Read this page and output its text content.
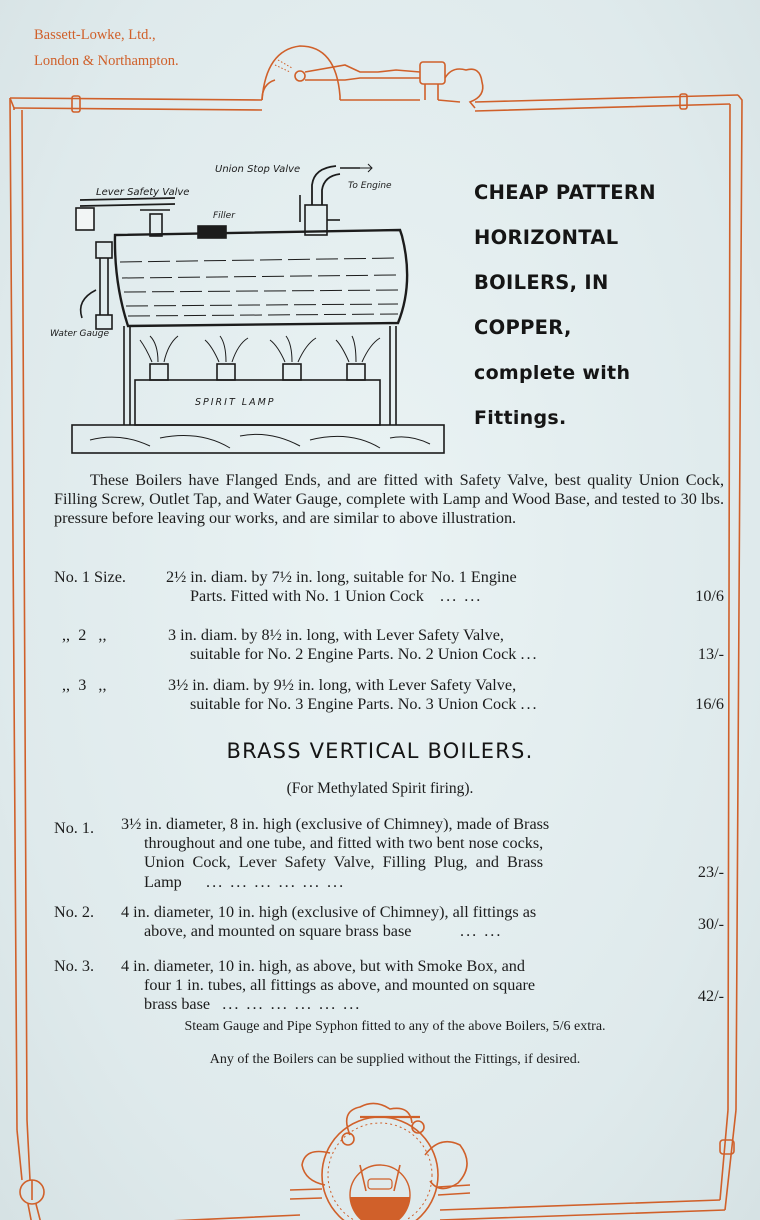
Bassett-Lowke, Ltd.,
London & Northampton.
Union Stop Valve
To Engine
Lever Safety Valve
Filler
Water Gauge
SPIRIT LAMP
CHEAP PATTERN
HORIZONTAL
BOILERS, IN
COPPER,
complete with
Fittings.
These Boilers have Flanged Ends, and are fitted with Safety Valve, best quality Union Cock, Filling Screw, Outlet Tap, and Water Gauge, complete with Lamp and Wood Base, and tested to 30 lbs. pressure before leaving our works, and are similar to above illustration.
No. 1 Size. 2½ in. diam. by 7½ in. long, suitable for No. 1 Engine
Parts. Fitted with No. 1 Union Cock ... ...	10/6
,,  2   ,,	3 in. diam. by 8½ in. long, with Lever Safety Valve,
suitable for No. 2 Engine Parts. No. 2 Union Cock ...	13/-
,,  3   ,,	3½ in. diam. by 9½ in. long, with Lever Safety Valve,
suitable for No. 3 Engine Parts. No. 3 Union Cock ...	16/6
BRASS VERTICAL BOILERS.
(For Methylated Spirit firing).
No. 1. 3½ in. diameter, 8 in. high (exclusive of Chimney), made of Brass
throughout and one tube, and fitted with two bent nose cocks,
Union Cock, Lever Safety Valve, Filling Plug, and Brass
Lamp ... ... ... ... ... ...
23/-
No. 2. 4 in. diameter, 10 in. high (exclusive of Chimney), all fittings as
above, and mounted on square brass base	... ...	30/-
No. 3. 4 in. diameter, 10 in. high, as above, but with Smoke Box, and
four 1 in. tubes, all fittings as above, and mounted on square
brass base ... ... ... ... ... ...	42/-
Steam Gauge and Pipe Syphon fitted to any of the above Boilers, 5/6 extra.
Any of the Boilers can be supplied without the Fittings, if desired.
